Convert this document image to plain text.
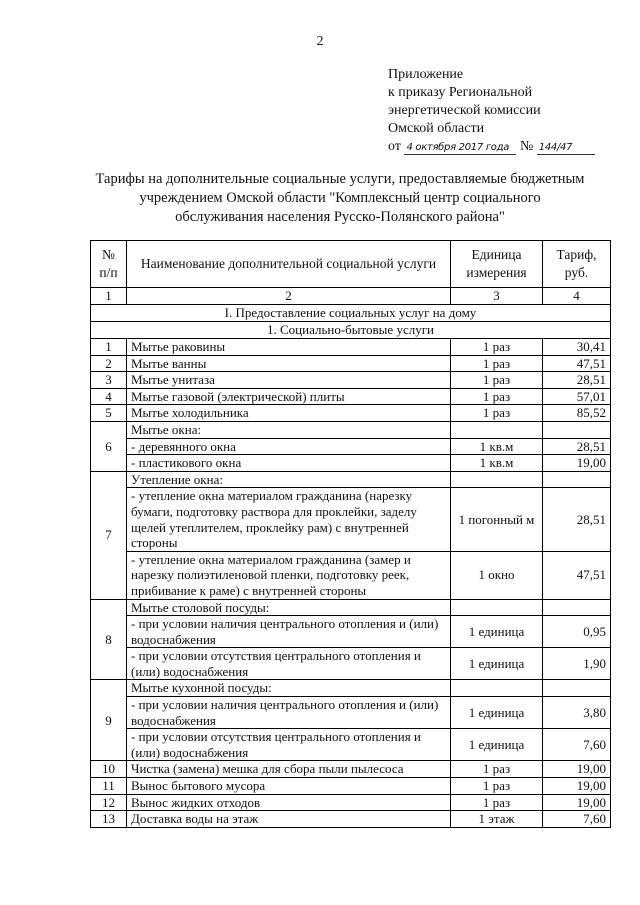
2
Приложение
к приказу Региональной
энергетической комиссии
Омской области
от 4 октября 2017 года № 144/47
Тарифы на дополнительные социальные услуги, предоставляемые бюджетным
учреждением Омской области "Комплексный центр социального
обслуживания населения Русско-Полянского района"
№ п/п	Наименование дополнительной социальной услуги	Единица измерения	Тариф, руб.
1	2	3	4
I. Предоставление социальных услуг на дому			
1. Социально-бытовые услуги			
1	Мытье раковины	1 раз	30,41
2	Мытье ванны	1 раз	47,51
3	Мытье унитаза	1 раз	28,51
4	Мытье газовой (электрической) плиты	1 раз	57,01
5	Мытье холодильника	1 раз	85,52
6	Мытье окна:		
	- деревянного окна	1 кв.м	28,51
	- пластикового окна	1 кв.м	19,00
7	Утепление окна:		
	- утепление окна материалом гражданина (нарезку бумаги, подготовку раствора для проклейки, заделу щелей утеплителем, проклейку рам) с внутренней стороны	1 погонный м	28,51
	- утепление окна материалом гражданина (замер и нарезку полиэтиленовой пленки, подготовку реек, прибивание к раме) с внутренней стороны	1 окно	47,51
8	Мытье столовой посуды:		
	- при условии наличия центрального отопления и (или) водоснабжения	1 единица	0,95
	- при условии отсутствия центрального отопления и (или) водоснабжения	1 единица	1,90
9	Мытье кухонной посуды:		
	- при условии наличия центрального отопления и (или) водоснабжения	1 единица	3,80
	- при условии отсутствия центрального отопления и (или) водоснабжения	1 единица	7,60
10	Чистка (замена) мешка для сбора пыли пылесоса	1 раз	19,00
11	Вынос бытового мусора	1 раз	19,00
12	Вынос жидких отходов	1 раз	19,00
13	Доставка воды на этаж	1 этаж	7,60
